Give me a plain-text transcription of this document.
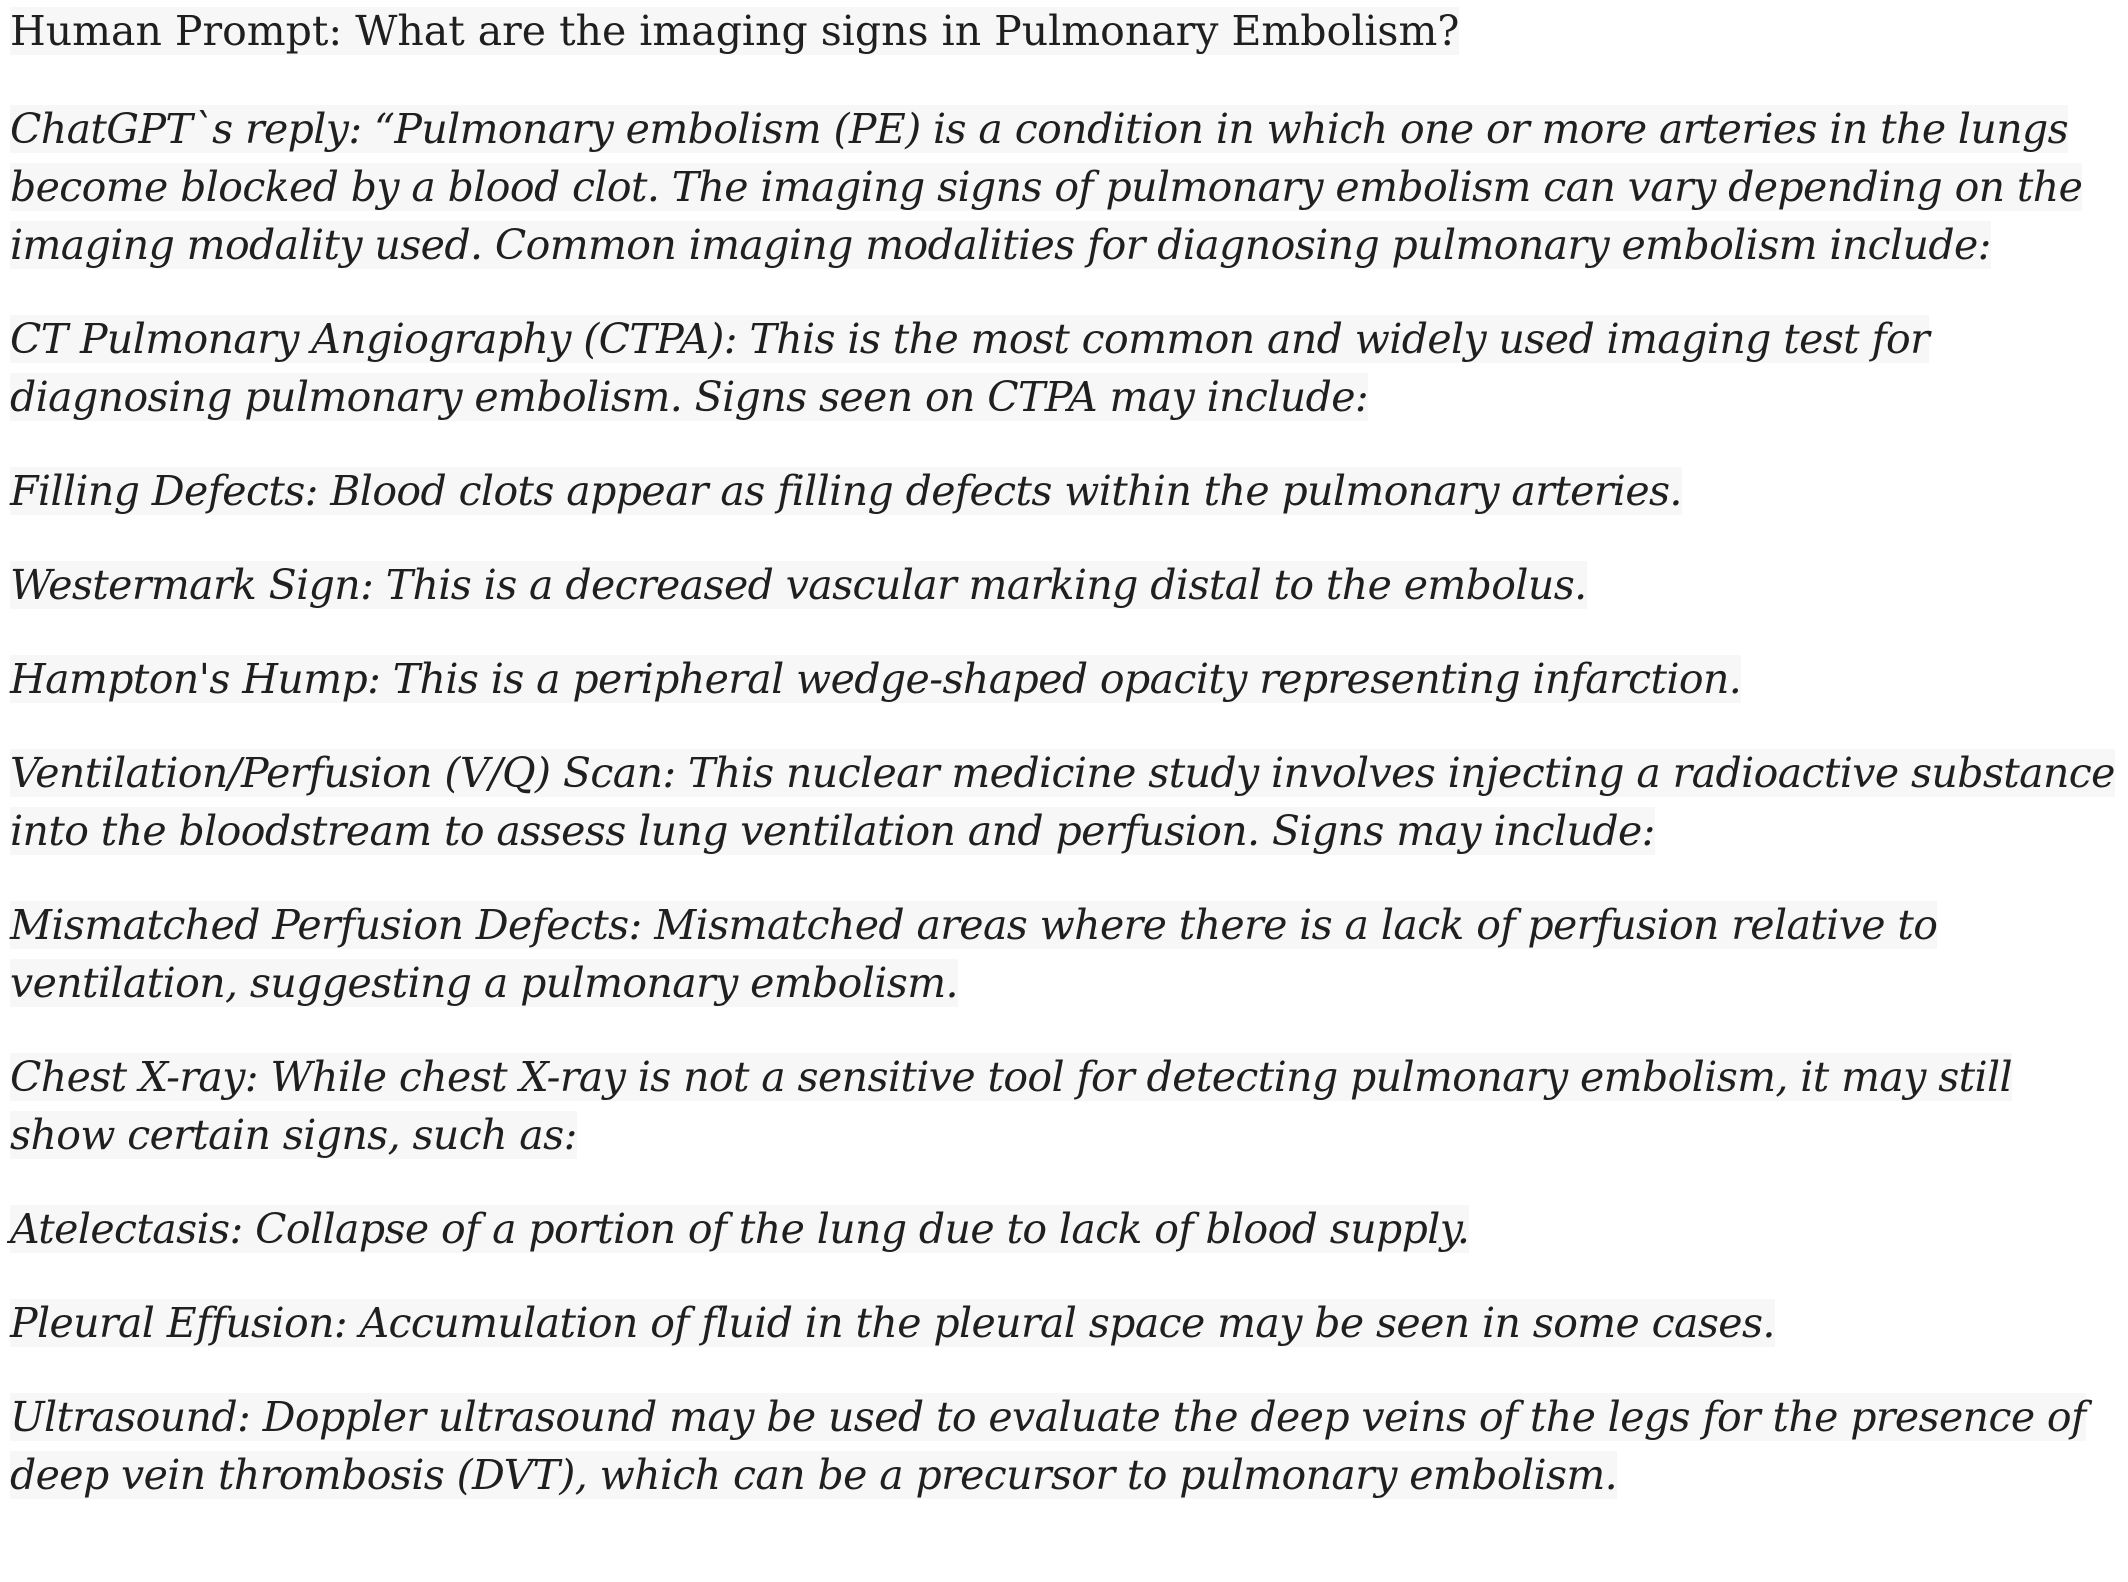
Human Prompt: What are the imaging signs in Pulmonary Embolism?

ChatGPT`s reply: “Pulmonary embolism (PE) is a condition in which one or more arteries in the lungs become blocked by a blood clot. The imaging signs of pulmonary embolism can vary depending on the imaging modality used. Common imaging modalities for diagnosing pulmonary embolism include:

CT Pulmonary Angiography (CTPA): This is the most common and widely used imaging test for diagnosing pulmonary embolism. Signs seen on CTPA may include:

Filling Defects: Blood clots appear as filling defects within the pulmonary arteries.

Westermark Sign: This is a decreased vascular marking distal to the embolus.

Hampton's Hump: This is a peripheral wedge-shaped opacity representing infarction.

Ventilation/Perfusion (V/Q) Scan: This nuclear medicine study involves injecting a radioactive substance into the bloodstream to assess lung ventilation and perfusion. Signs may include:

Mismatched Perfusion Defects: Mismatched areas where there is a lack of perfusion relative to ventilation, suggesting a pulmonary embolism.

Chest X-ray: While chest X-ray is not a sensitive tool for detecting pulmonary embolism, it may still show certain signs, such as:

Atelectasis: Collapse of a portion of the lung due to lack of blood supply.

Pleural Effusion: Accumulation of fluid in the pleural space may be seen in some cases.

Ultrasound: Doppler ultrasound may be used to evaluate the deep veins of the legs for the presence of deep vein thrombosis (DVT), which can be a precursor to pulmonary embolism.
